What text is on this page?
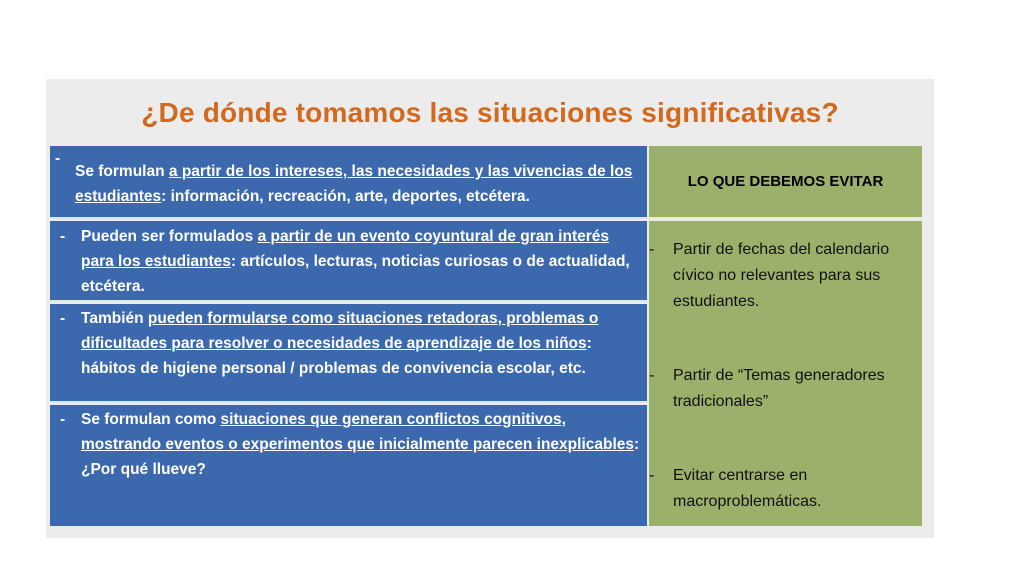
¿De dónde tomamos las situaciones significativas?
-
Se formulan a partir de los intereses, las necesidades y las vivencias de los estudiantes: información, recreación, arte, deportes, etcétera.
- Pueden ser formulados a partir de un evento coyuntural de gran interés para los estudiantes: artículos, lecturas, noticias curiosas o de actualidad, etcétera.
- También pueden formularse como situaciones retadoras, problemas o dificultades para resolver o necesidades de aprendizaje de los niños: hábitos de higiene personal / problemas de convivencia escolar, etc.
- Se formulan como situaciones que generan conflictos cognitivos, mostrando eventos o experimentos que inicialmente parecen inexplicables: ¿Por qué llueve?
LO QUE DEBEMOS EVITAR
- Partir de fechas del calendario cívico no relevantes para sus estudiantes.
- Partir de “Temas generadores tradicionales”
- Evitar centrarse en macroproblemáticas.
